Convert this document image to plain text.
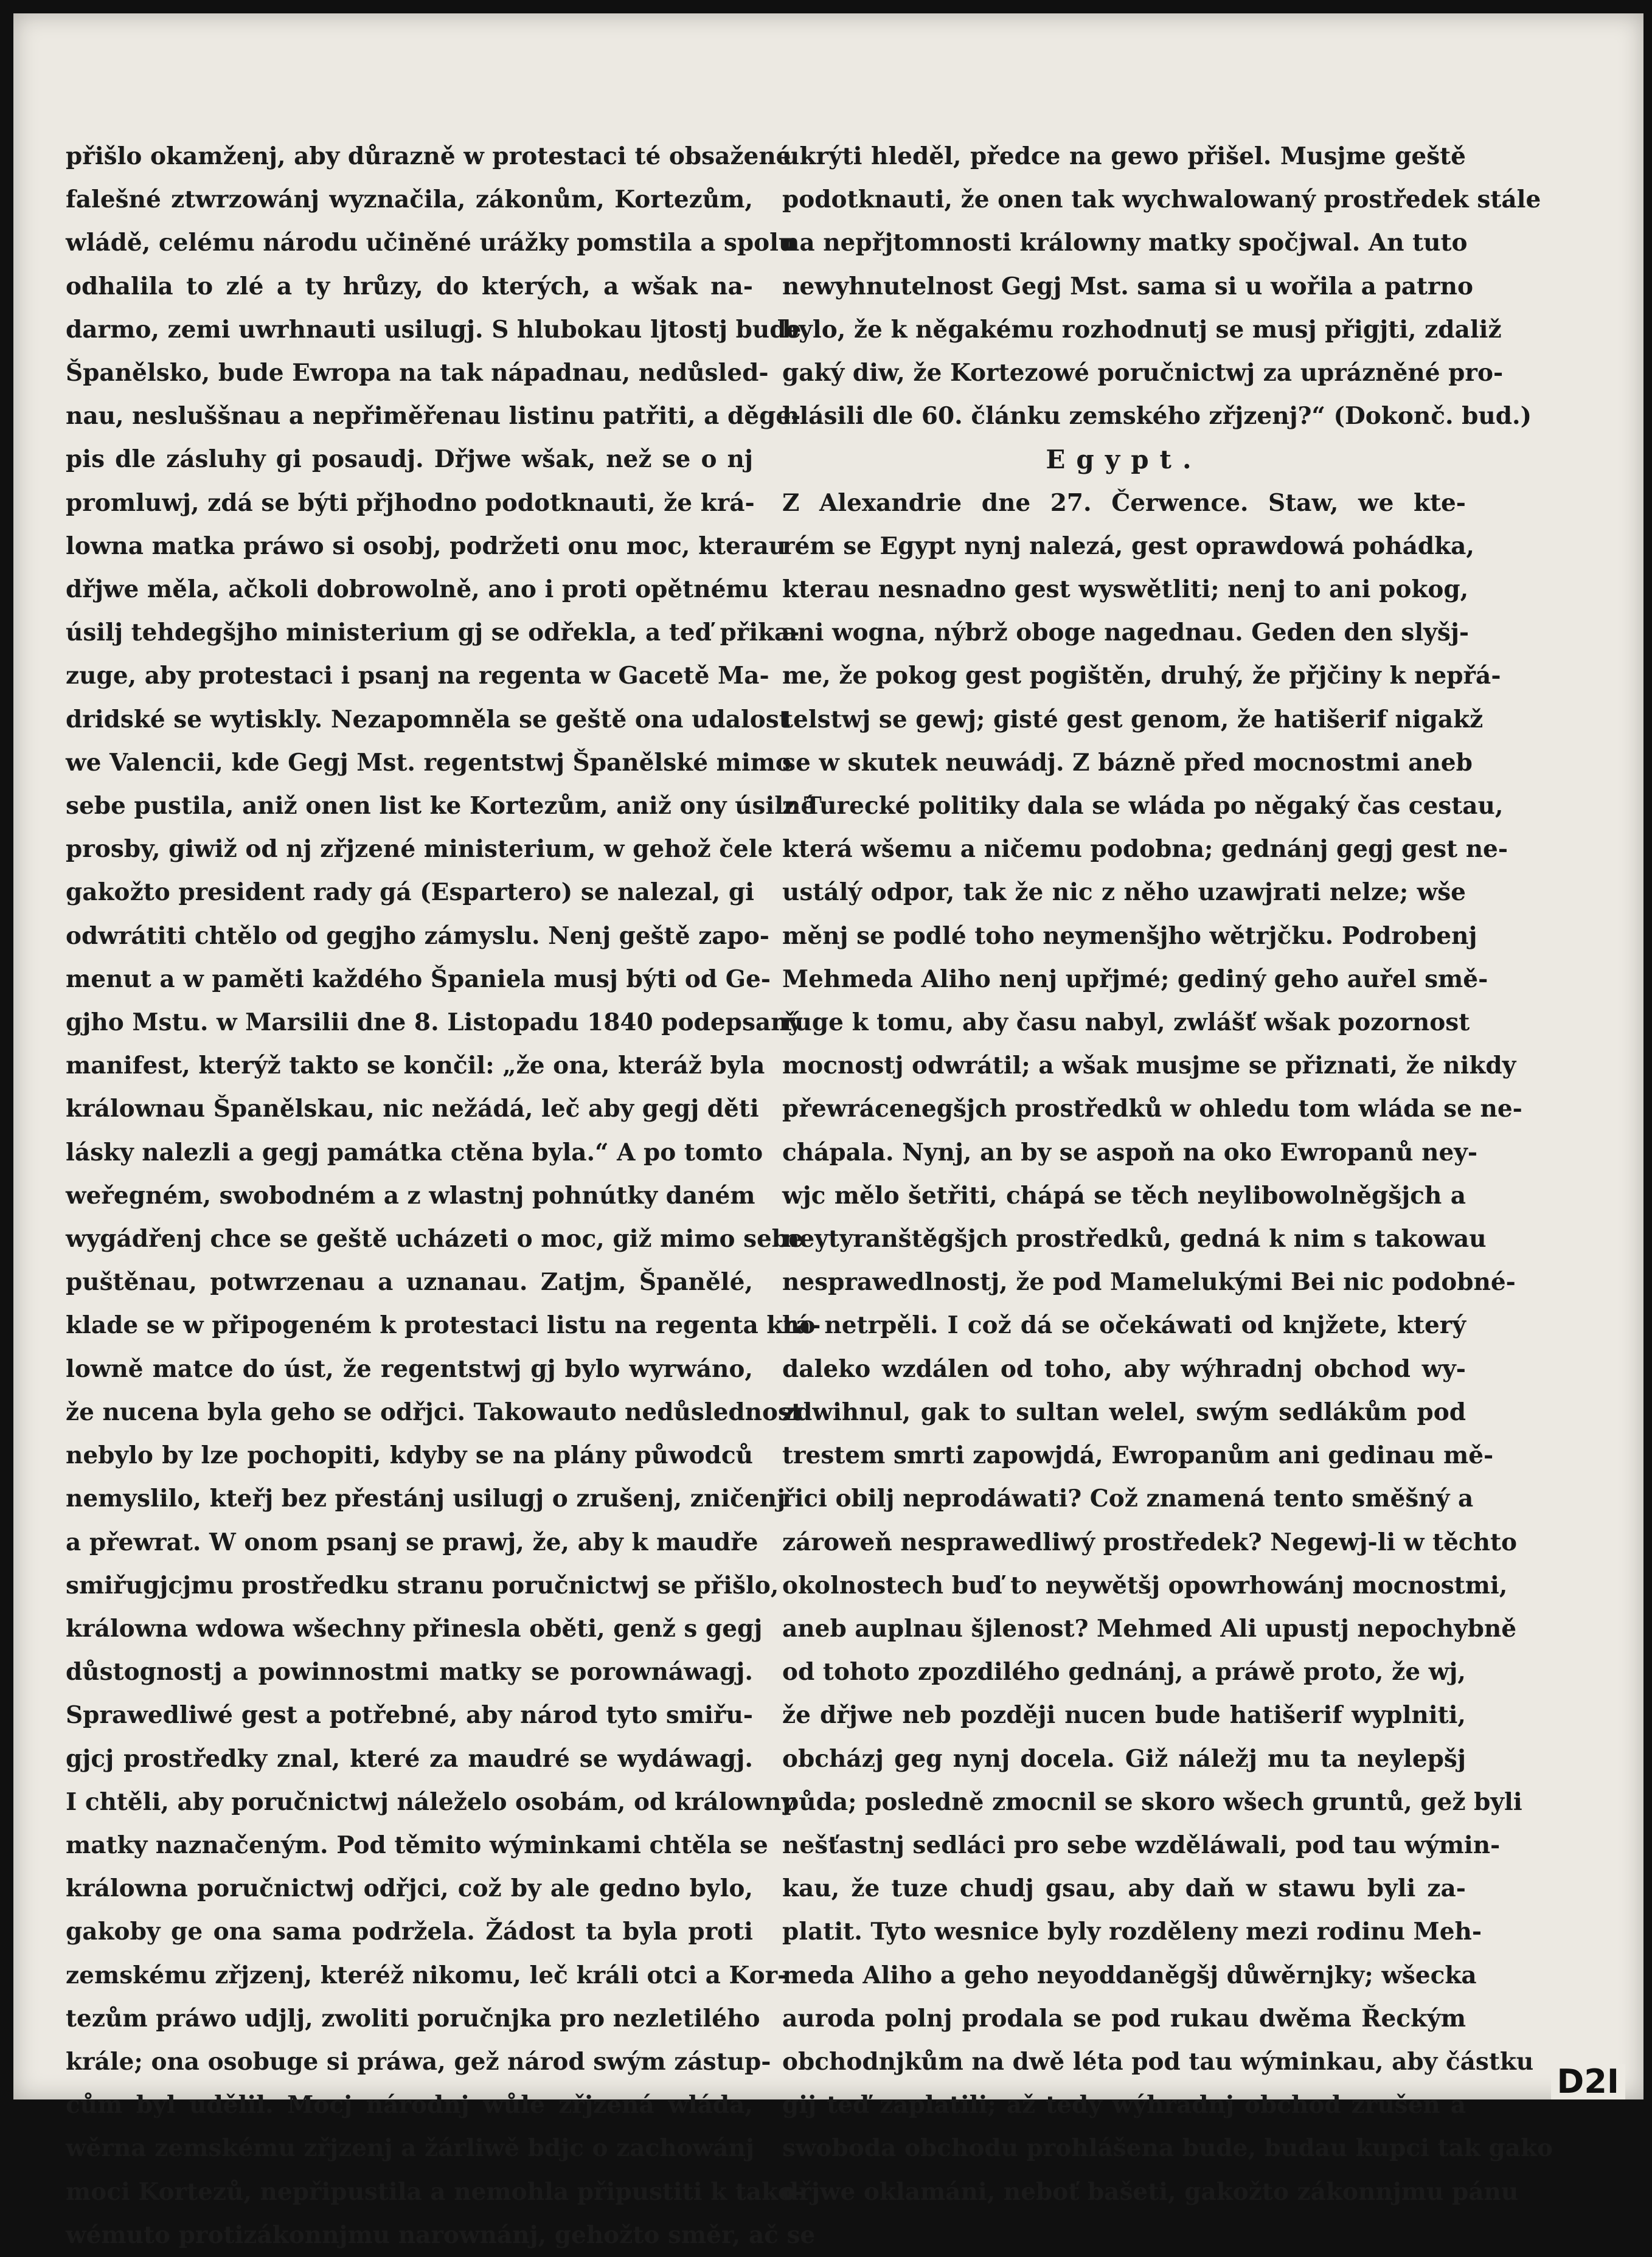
přišlo okamženj, aby důrazně w protestaci té obsažené
falešné ztwrzowánj wyznačila, zákonům, Kortezům,
wládě, celému národu učiněné urážky pomstila a spolu
odhalila to zlé a ty hrůzy, do kterých, a wšak na-
darmo, zemi uwrhnauti usilugj. S hlubokau ljtostj bude
Španělsko, bude Ewropa na tak nápadnau, nedůsled-
nau, nesluššnau a nepřiměřenau listinu patřiti, a děge-
pis dle zásluhy gi posaudj. Dřjwe wšak, než se o nj
promluwj, zdá se býti přjhodno podotknauti, že krá-
lowna matka práwo si osobj, podržeti onu moc, kterau
dřjwe měla, ačkoli dobrowolně, ano i proti opětnému
úsilj tehdegšjho ministerium gj se odřekla, a teď přika-
zuge, aby protestaci i psanj na regenta w Gacetě Ma-
dridské se wytiskly. Nezapomněla se geště ona udalost
we Valencii, kde Gegj Mst. regentstwj Španělské mimo
sebe pustila, aniž onen list ke Kortezům, aniž ony úsilné
prosby, giwiž od nj zřjzené ministerium, w gehož čele
gakožto president rady gá (Espartero) se nalezal, gi
odwrátiti chtělo od gegjho zámyslu. Nenj geště zapo-
menut a w paměti každého Španiela musj býti od Ge-
gjho Mstu. w Marsilii dne 8. Listopadu 1840 podepsaný
manifest, kterýž takto se končil: „že ona, kteráž byla
králownau Španělskau, nic nežádá, leč aby gegj děti
lásky nalezli a gegj památka ctěna byla.“ A po tomto
weřegném, swobodném a z wlastnj pohnútky daném
wygádřenj chce se geště ucházeti o moc, giž mimo sebe
puštěnau, potwrzenau a uznanau. Zatjm, Španělé,
klade se w připogeném k protestaci listu na regenta krá-
lowně matce do úst, že regentstwj gj bylo wyrwáno,
že nucena byla geho se odřjci. Takowauto nedůslednost
nebylo by lze pochopiti, kdyby se na plány půwodců
nemyslilo, kteřj bez přestánj usilugj o zrušenj, zničenj
a přewrat. W onom psanj se prawj, že, aby k maudře
smiřugjcjmu prostředku stranu poručnictwj se přišlo,
králowna wdowa wšechny přinesla oběti, genž s gegj
důstognostj a powinnostmi matky se porownáwagj.
Sprawedliwé gest a potřebné, aby národ tyto smiřu-
gjcj prostředky znal, které za maudré se wydáwagj.
I chtěli, aby poručnictwj náleželo osobám, od králowny
matky naznačeným. Pod těmito wýminkami chtěla se
králowna poručnictwj odřjci, což by ale gedno bylo,
gakoby ge ona sama podržela. Žádost ta byla proti
zemskému zřjzenj, kteréž nikomu, leč králi otci a Kor-
tezům práwo udjlj, zwoliti poručnjka pro nezletilého
krále; ona osobuge si práwa, gež národ swým zástup-
cům byl udělil. Mocj národnj wůle zřjzená wláda,
wěrna zemskému zřjzenj a žárliwě bdjc o zachowánj
moci Kortezů, nepřipustila a nemohla připustiti k tako-
wémuto protizákonnjmu narownánj, gehožto směr, ač se
ukrýti hleděl, předce na gewo přišel. Musjme geště
podotknauti, že onen tak wychwalowaný prostředek stále
na nepřjtomnosti králowny matky spočjwal. An tuto
newyhnutelnost Gegj Mst. sama si u wořila a patrno
bylo, že k něgakému rozhodnutj se musj přigjti, zdaliž
gaký diw, že Kortezowé poručnictwj za uprázněné pro-
hlásili dle 60. článku zemského zřjzenj?“ (Dokonč. bud.)
Egypt.
Z Alexandrie dne 27. Čerwence. Staw, we kte-
rém se Egypt nynj nalezá, gest oprawdowá pohádka,
kterau nesnadno gest wyswětliti; nenj to ani pokog,
ani wogna, nýbrž oboge nagednau. Geden den slyšj-
me, že pokog gest pogištěn, druhý, že přjčiny k nepřá-
telstwj se gewj; gisté gest genom, že hatišerif nigakž
se w skutek neuwádj. Z bázně před mocnostmi aneb
z Turecké politiky dala se wláda po něgaký čas cestau,
která wšemu a ničemu podobna; gednánj gegj gest ne-
ustálý odpor, tak že nic z něho uzawjrati nelze; wše
měnj se podlé toho neymenšjho wětrjčku. Podrobenj
Mehmeda Aliho nenj upřjmé; gediný geho auřel smě-
řuge k tomu, aby času nabyl, zwlášť wšak pozornost
mocnostj odwrátil; a wšak musjme se přiznati, že nikdy
přewrácenegšjch prostředků w ohledu tom wláda se ne-
chápala. Nynj, an by se aspoň na oko Ewropanů ney-
wjc mělo šetřiti, chápá se těch neylibowolněgšjch a
neytyranštěgšjch prostředků, gedná k nim s takowau
nesprawedlnostj, že pod Mamelukými Bei nic podobné-
ho netrpěli. I což dá se očekáwati od knjžete, který
daleko wzdálen od toho, aby wýhradnj obchod wy-
zdwihnul, gak to sultan welel, swým sedlákům pod
trestem smrti zapowjdá, Ewropanům ani gedinau mě-
řici obilj neprodáwati? Což znamená tento směšný a
zároweň nesprawedliwý prostředek? Negewj-li w těchto
okolnostech buď to neywětšj opowrhowánj mocnostmi,
aneb auplnau šjlenost? Mehmed Ali upustj nepochybně
od tohoto zpozdilého gednánj, a práwě proto, že wj,
že dřjwe neb později nucen bude hatišerif wyplniti,
obcházj geg nynj docela. Giž náležj mu ta neylepšj
půda; posledně zmocnil se skoro wšech gruntů, gež byli
nešťastnj sedláci pro sebe wzděláwali, pod tau wýmin-
kau, že tuze chudj gsau, aby daň w stawu byli za-
platit. Tyto wesnice byly rozděleny mezi rodinu Meh-
meda Aliho a geho neyoddaněgšj důwěrnjky; wšecka
auroda polnj prodala se pod rukau dwěma Řeckým
obchodnjkům na dwě léta pod tau wýminkau, aby částku
gij teď zaplatili; až tedy wýhradnj obchod zrušen a
swoboda obchodu prohlášena bude, budau kupci tak gako
dřjwe oklamáni, neboť bašeti, gakožto zákonnjmu pánu
D2I
